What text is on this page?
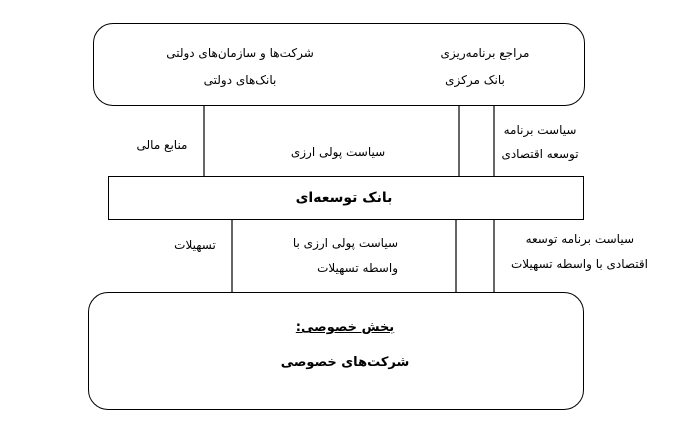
شرکت‌ها و سازمان‌های دولتی
بانک‌های دولتی
مراجع برنامه‌ریزی
بانک مرکزی
منابع مالی	سیاست پولی ارزی
سیاست برنامه
توسعه اقتصادی
بانک توسعه‌ای
تسهیلات	سیاست پولی ارزی با
واسطه تسهیلات
سیاست برنامه توسعه
اقتصادی با واسطه تسهیلات
بخش خصوصی:
شرکت‌های خصوصی
